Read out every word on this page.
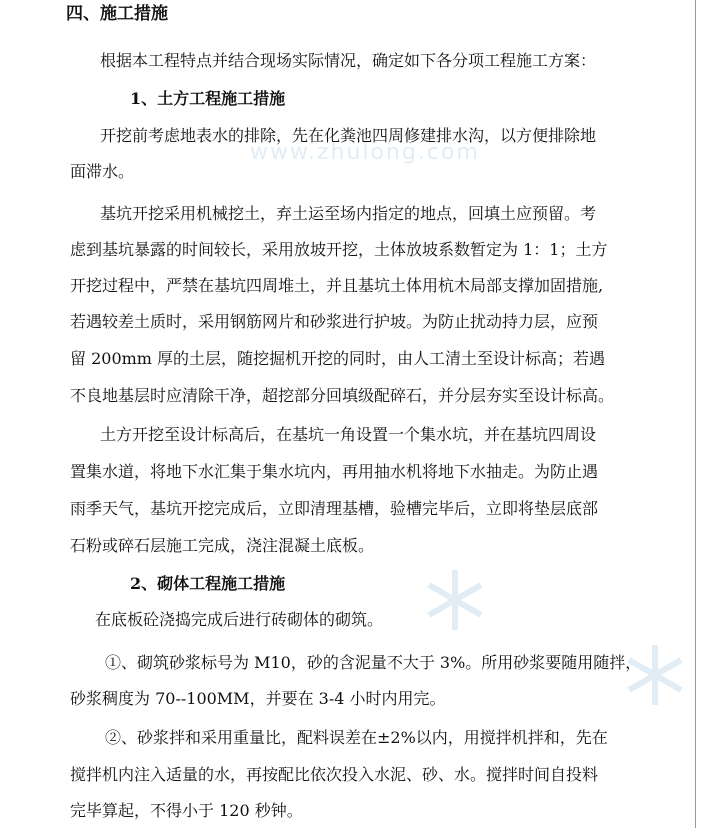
www.zhulong.com
四、施工措施
根据本工程特点并结合现场实际情况，确定如下各分项工程施工方案：
1、土方工程施工措施
开挖前考虑地表水的排除，先在化粪池四周修建排水沟，以方便排除地
面滞水。
基坑开挖采用机械挖土，弃土运至场内指定的地点，回填土应预留。考
虑到基坑暴露的时间较长，采用放坡开挖，土体放坡系数暂定为 1：1；土方
开挖过程中，严禁在基坑四周堆土，并且基坑土体用杭木局部支撑加固措施,
若遇较差土质时，采用钢筋网片和砂浆进行护坡。为防止扰动持力层，应预
留 200mm 厚的土层，随挖掘机开挖的同时，由人工清土至设计标高；若遇
不良地基层时应清除干净，超挖部分回填级配碎石，并分层夯实至设计标高。
土方开挖至设计标高后，在基坑一角设置一个集水坑，并在基坑四周设
置集水道，将地下水汇集于集水坑内，再用抽水机将地下水抽走。为防止遇
雨季天气，基坑开挖完成后，立即清理基槽，验槽完毕后，立即将垫层底部
石粉或碎石层施工完成，浇注混凝土底板。
2、砌体工程施工措施
在底板砼浇捣完成后进行砖砌体的砌筑。
①、砌筑砂浆标号为 M10，砂的含泥量不大于 3%。所用砂浆要随用随拌，
砂浆稠度为 70--100MM，并要在 3-4 小时内用完。
②、砂浆拌和采用重量比，配料误差在±2%以内，用搅拌机拌和，先在
搅拌机内注入适量的水，再按配比依次投入水泥、砂、水。搅拌时间自投料
完毕算起，不得小于 120 秒钟。
